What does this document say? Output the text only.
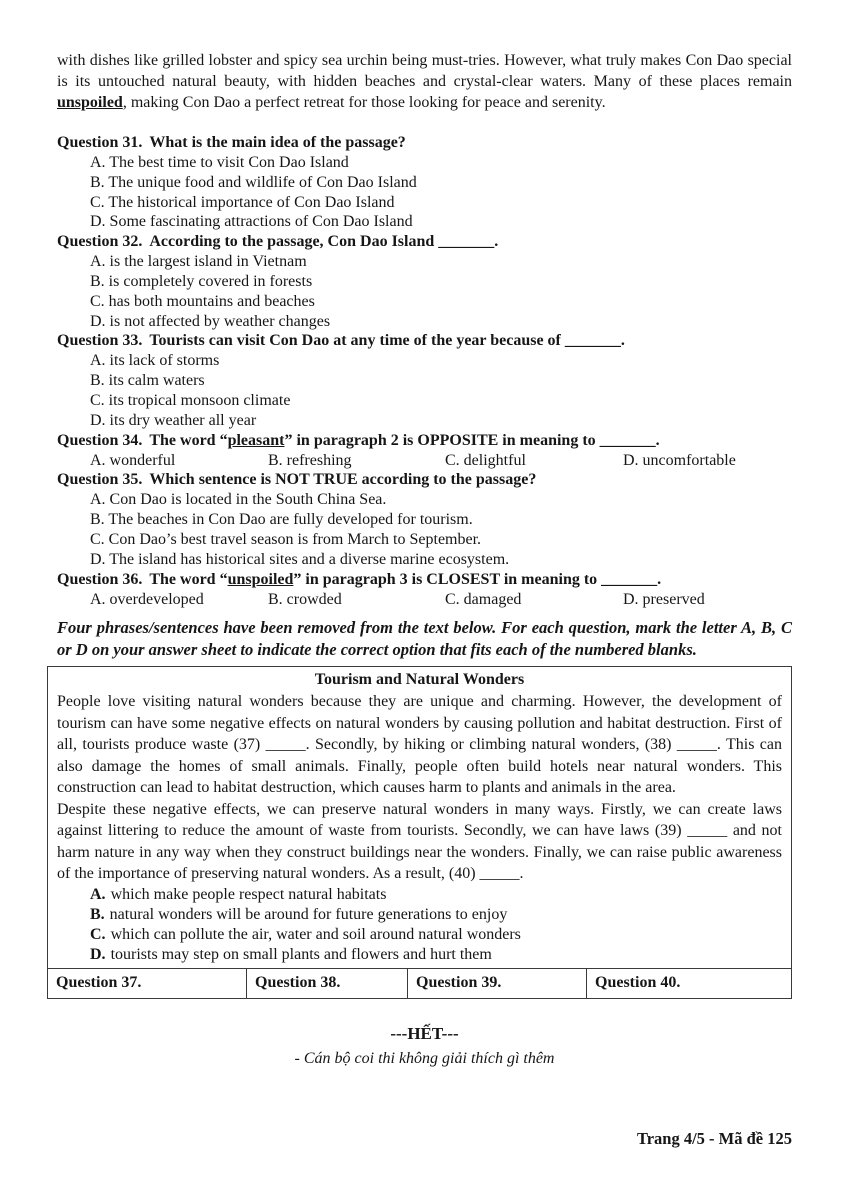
with dishes like grilled lobster and spicy sea urchin being must-tries. However, what truly makes Con Dao special is its untouched natural beauty, with hidden beaches and crystal-clear waters. Many of these places remain unspoiled, making Con Dao a perfect retreat for those looking for peace and serenity.

Question 31. What is the main idea of the passage?

A. The best time to visit Con Dao Island

B. The unique food and wildlife of Con Dao Island

C. The historical importance of Con Dao Island

D. Some fascinating attractions of Con Dao Island

Question 32. According to the passage, Con Dao Island _______.

A. is the largest island in Vietnam

B. is completely covered in forests

C. has both mountains and beaches

D. is not affected by weather changes

Question 33. Tourists can visit Con Dao at any time of the year because of _______.

A. its lack of storms

B. its calm waters

C. its tropical monsoon climate

D. its dry weather all year

Question 34. The word “pleasant” in paragraph 2 is OPPOSITE in meaning to _______.

A. wonderful	B. refreshing	C. delightful	D. uncomfortable

Question 35. Which sentence is NOT TRUE according to the passage?

A. Con Dao is located in the South China Sea.

B. The beaches in Con Dao are fully developed for tourism.

C. Con Dao’s best travel season is from March to September.

D. The island has historical sites and a diverse marine ecosystem.

Question 36. The word “unspoiled” in paragraph 3 is CLOSEST in meaning to _______.

A. overdeveloped	B. crowded	C. damaged	D. preserved

Four phrases/sentences have been removed from the text below. For each question, mark the letter A, B, C or D on your answer sheet to indicate the correct option that fits each of the numbered blanks.

Tourism and Natural Wonders

People love visiting natural wonders because they are unique and charming. However, the development of tourism can have some negative effects on natural wonders by causing pollution and habitat destruction. First of all, tourists produce waste (37) _____. Secondly, by hiking or climbing natural wonders, (38) _____. This can also damage the homes of small animals. Finally, people often build hotels near natural wonders. This construction can lead to habitat destruction, which causes harm to plants and animals in the area.

Despite these negative effects, we can preserve natural wonders in many ways. Firstly, we can create laws against littering to reduce the amount of waste from tourists. Secondly, we can have laws (39) _____ and not harm nature in any way when they construct buildings near the wonders. Finally, we can raise public awareness of the importance of preserving natural wonders. As a result, (40) _____.

A. which make people respect natural habitats

B. natural wonders will be around for future generations to enjoy

C. which can pollute the air, water and soil around natural wonders

D. tourists may step on small plants and flowers and hurt them

Question 37.	Question 38.	Question 39.	Question 40.

---HẾT---

- Cán bộ coi thi không giải thích gì thêm

Trang 4/5 - Mã đề 125
